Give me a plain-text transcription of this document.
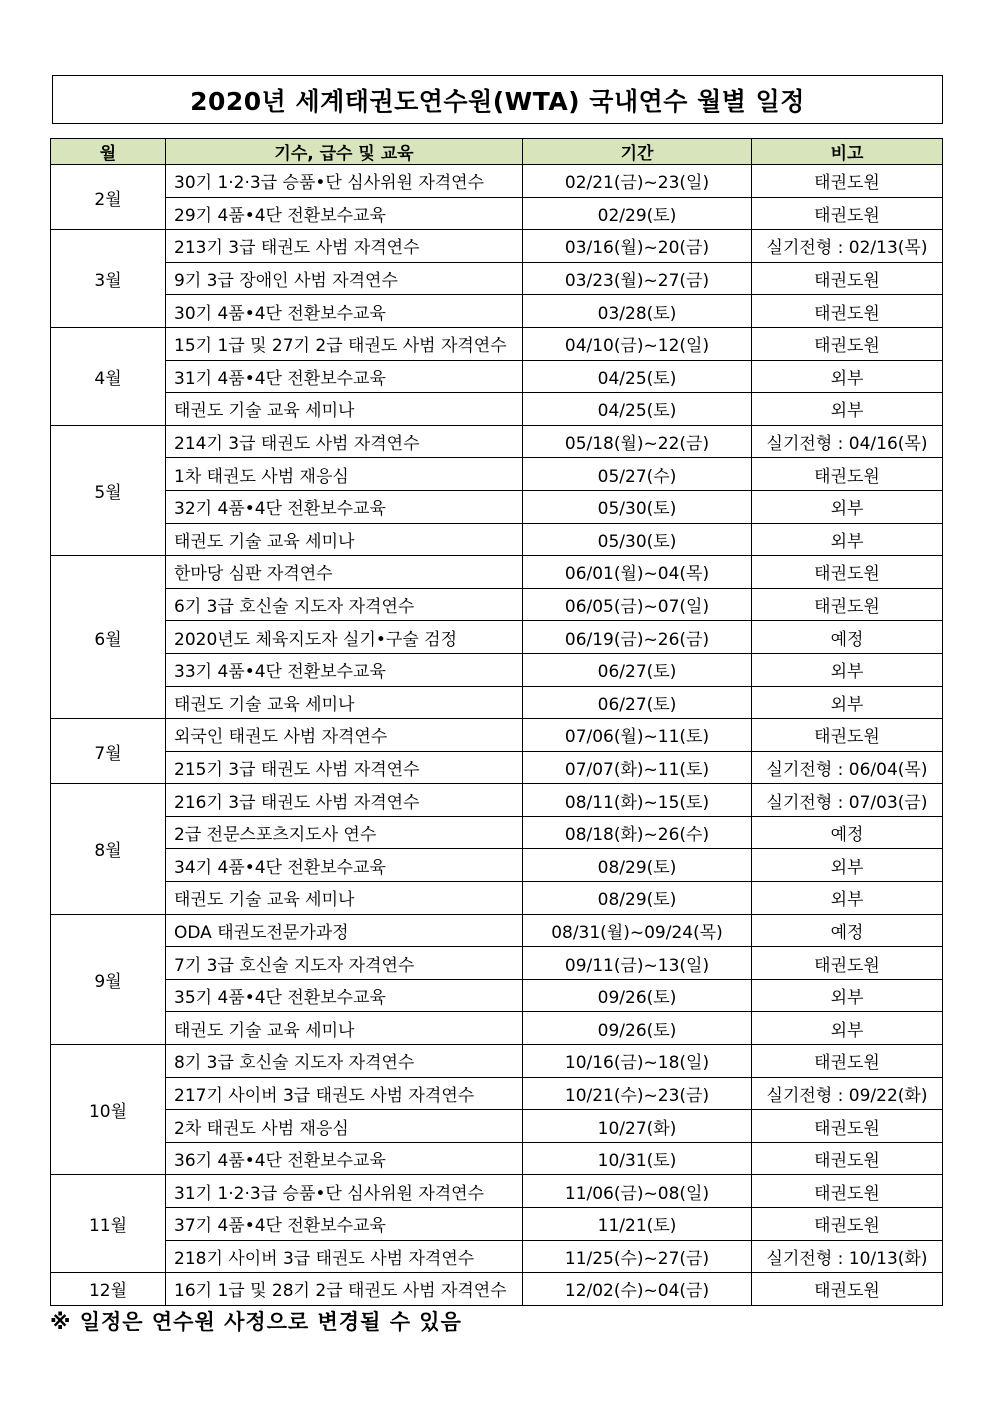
2020년 세계태권도연수원(WTA) 국내연수 월별 일정
월	기수, 급수 및 교육	기간	비고
2월	30기 1·2·3급 승품•단 심사위원 자격연수	02/21(금)~23(일)	태권도원
	29기 4품•4단 전환보수교육	02/29(토)	태권도원
3월	213기 3급 태권도 사범 자격연수	03/16(월)~20(금)	실기전형 : 02/13(목)
	9기 3급 장애인 사범 자격연수	03/23(월)~27(금)	태권도원
	30기 4품•4단 전환보수교육	03/28(토)	태권도원
4월	15기 1급 및 27기 2급 태권도 사범 자격연수	04/10(금)~12(일)	태권도원
	31기 4품•4단 전환보수교육	04/25(토)	외부
	태권도 기술 교육 세미나	04/25(토)	외부
5월	214기 3급 태권도 사범 자격연수	05/18(월)~22(금)	실기전형 : 04/16(목)
	1차 태권도 사범 재응심	05/27(수)	태권도원
	32기 4품•4단 전환보수교육	05/30(토)	외부
	태권도 기술 교육 세미나	05/30(토)	외부
6월	한마당 심판 자격연수	06/01(월)~04(목)	태권도원
	6기 3급 호신술 지도자 자격연수	06/05(금)~07(일)	태권도원
	2020년도 체육지도자 실기•구술 검정	06/19(금)~26(금)	예정
	33기 4품•4단 전환보수교육	06/27(토)	외부
	태권도 기술 교육 세미나	06/27(토)	외부
7월	외국인 태권도 사범 자격연수	07/06(월)~11(토)	태권도원
	215기 3급 태권도 사범 자격연수	07/07(화)~11(토)	실기전형 : 06/04(목)
8월	216기 3급 태권도 사범 자격연수	08/11(화)~15(토)	실기전형 : 07/03(금)
	2급 전문스포츠지도사 연수	08/18(화)~26(수)	예정
	34기 4품•4단 전환보수교육	08/29(토)	외부
	태권도 기술 교육 세미나	08/29(토)	외부
9월	ODA 태권도전문가과정	08/31(월)~09/24(목)	예정
	7기 3급 호신술 지도자 자격연수	09/11(금)~13(일)	태권도원
	35기 4품•4단 전환보수교육	09/26(토)	외부
	태권도 기술 교육 세미나	09/26(토)	외부
10월	8기 3급 호신술 지도자 자격연수	10/16(금)~18(일)	태권도원
	217기 사이버 3급 태권도 사범 자격연수	10/21(수)~23(금)	실기전형 : 09/22(화)
	2차 태권도 사범 재응심	10/27(화)	태권도원
	36기 4품•4단 전환보수교육	10/31(토)	태권도원
11월	31기 1·2·3급 승품•단 심사위원 자격연수	11/06(금)~08(일)	태권도원
	37기 4품•4단 전환보수교육	11/21(토)	태권도원
	218기 사이버 3급 태권도 사범 자격연수	11/25(수)~27(금)	실기전형 : 10/13(화)
12월	16기 1급 및 28기 2급 태권도 사범 자격연수	12/02(수)~04(금)	태권도원
※ 일정은 연수원 사정으로 변경될 수 있음
